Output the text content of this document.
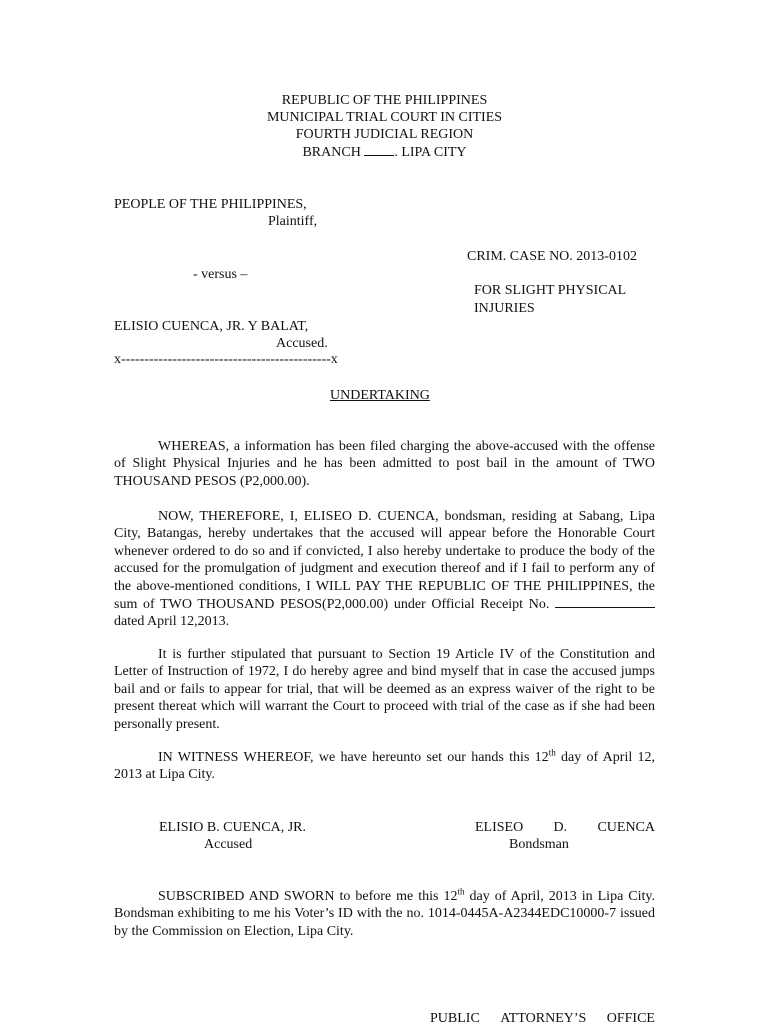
REPUBLIC OF THE PHILIPPINES
MUNICIPAL TRIAL COURT IN CITIES
FOURTH JUDICIAL REGION
BRANCH . LIPA CITY
PEOPLE OF THE PHILIPPINES,
Plaintiff,
CRIM. CASE NO. 2013-0102
- versus –
FOR SLIGHT PHYSICAL
INJURIES
ELISIO CUENCA, JR. Y BALAT,
Accused.
x---------------------------------------------x
UNDERTAKING
WHEREAS, a information has been filed charging the above-accused with the offense of Slight Physical Injuries and he has been admitted to post bail in the amount of TWO THOUSAND PESOS (P2,000.00).
NOW, THEREFORE, I, ELISEO D. CUENCA, bondsman, residing at Sabang, Lipa City, Batangas, hereby undertakes that the accused will appear before the Honorable Court whenever ordered to do so and if convicted, I also hereby undertake to produce the body of the accused for the promulgation of judgment and execution thereof and if I fail to perform any of the above-mentioned conditions, I WILL PAY THE REPUBLIC OF THE PHILIPPINES, the sum of TWO THOUSAND PESOS(P2,000.00) under Official Receipt No.  dated April 12,2013.
It is further stipulated that pursuant to Section 19 Article IV of the Constitution and Letter of Instruction of 1972, I do hereby agree and bind myself that in case the accused jumps bail and or fails to appear for trial, that will be deemed as an express waiver of the right to be present thereat which will warrant the Court to proceed with trial of the case as if she had been personally present.
IN WITNESS WHEREOF, we have hereunto set our hands this 12th day of April 12, 2013 at Lipa City.
ELISIO B. CUENCA, JR.
Accused
ELISEO D. CUENCA
Bondsman
SUBSCRIBED AND SWORN to before me this 12th day of April, 2013 in Lipa City. Bondsman exhibiting to me his Voter’s ID with the no. 1014-0445A-A2344EDC10000-7 issued by the Commission on Election, Lipa City.
PUBLIC ATTORNEY’S OFFICE
